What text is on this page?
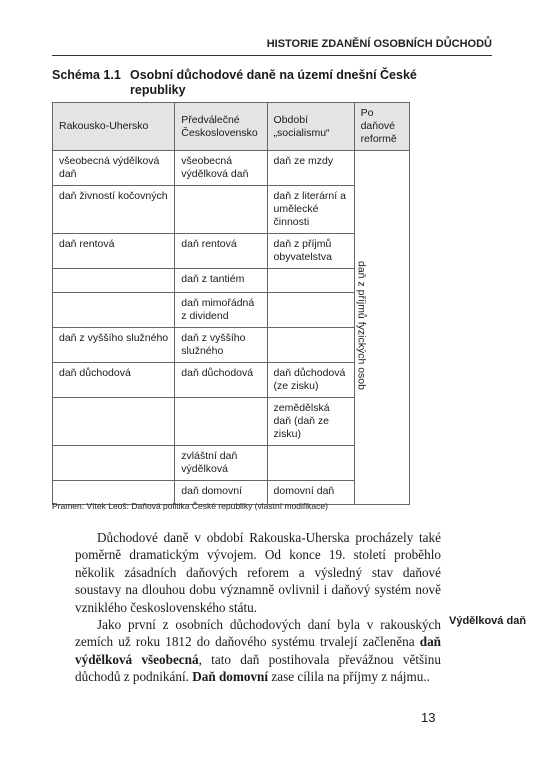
HISTORIE ZDANĚNÍ OSOBNÍCH DŮCHODŮ
Schéma 1.1 Osobní důchodové daně na území dnešní České republiky
Rakousko-Uhersko	Předválečné Československo	Období „socialismu“	Po daňové reformě
všeobecná výdělková daň	všeobecná výdělková daň	daň ze mzdy	daň z příjmů fyzických osob
daň živností kočovných		daň z literární a umělecké činnosti	
daň rentová	daň rentová	daň z příjmů obyvatelstva	
	daň z tantiém		
	daň mimořádná z dividend		
daň z vyššího služného	daň z vyššího služného		
daň důchodová	daň důchodová	daň důchodová (ze zisku)	
		zemědělská daň (daň ze zisku)	
	zvláštní daň výdělková		
	daň domovní	domovní daň	
Pramen: Vítek Leoš: Daňová politika České republiky (vlastní modifikace)

Důchodové daně v období Rakouska-Uherska procházely také poměrně dramatickým vývojem. Od konce 19. století proběhlo několik zásadních daňových reforem a výsledný stav daňové soustavy na dlouhou dobu významně ovlivnil i daňový systém nově vzniklého československého státu.

Jako první z osobních důchodových daní byla v rakouských zemích už roku 1812 do daňového systému trvalejí začleněna daň výdělková všeobecná, tato daň postihovala převážnou většinu důchodů z podnikání. Daň domovní zase cílila na příjmy z nájmu..

Výdělková daň
13
